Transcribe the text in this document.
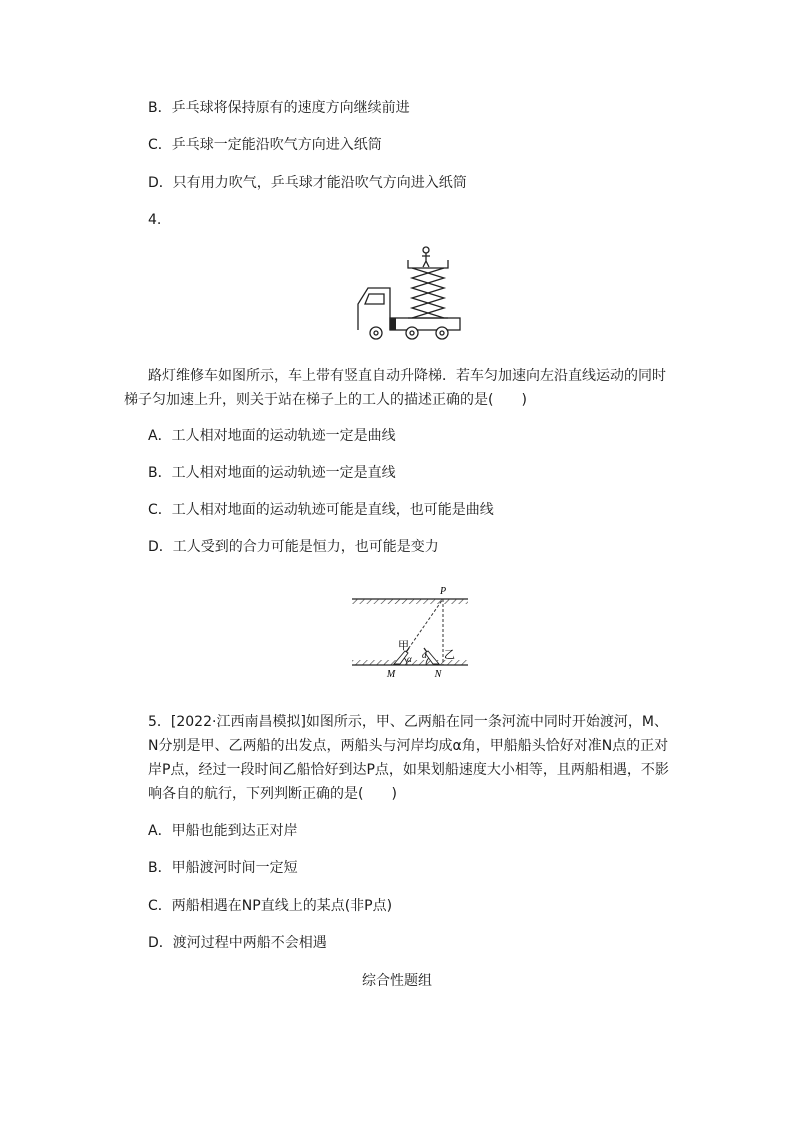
B．乒乓球将保持原有的速度方向继续前进
C．乒乓球一定能沿吹气方向进入纸筒
D．只有用力吹气，乒乓球才能沿吹气方向进入纸筒
4.
路灯维修车如图所示，车上带有竖直自动升降梯．若车匀加速向左沿直线运动的同时梯子匀加速上升，则关于站在梯子上的工人的描述正确的是(　　)
A．工人相对地面的运动轨迹一定是曲线
B．工人相对地面的运动轨迹一定是直线
C．工人相对地面的运动轨迹可能是直线，也可能是曲线
D．工人受到的合力可能是恒力，也可能是变力
P
M	N
甲
乙
α α
5．[2022·江西南昌模拟]如图所示，甲、乙两船在同一条河流中同时开始渡河，M、N分别是甲、乙两船的出发点，两船头与河岸均成α角，甲船船头恰好对准N点的正对岸P点，经过一段时间乙船恰好到达P点，如果划船速度大小相等，且两船相遇，不影响各自的航行，下列判断正确的是(　　)
A．甲船也能到达正对岸
B．甲船渡河时间一定短
C．两船相遇在NP直线上的某点(非P点)
D．渡河过程中两船不会相遇
综合性题组
